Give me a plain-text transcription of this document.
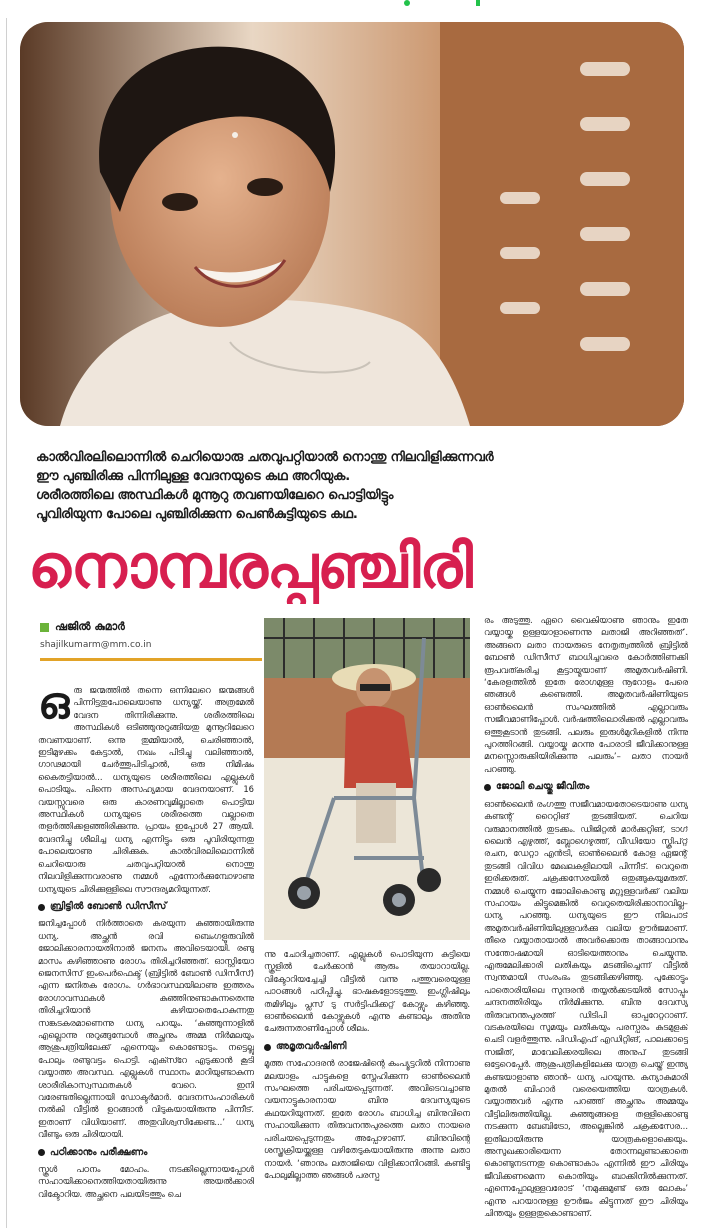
കാൽവിരലിലൊന്നിൽ ചെറിയൊരു ചതവുപറ്റിയാൽ നൊന്തു നിലവിളിക്കുന്നവർ

ഈ പുഞ്ചിരിക്കു പിന്നിലുള്ള വേദനയുടെ കഥ അറിയുക.

ശരീരത്തിലെ അസ്ഥികൾ മുന്നൂറു തവണയിലേറെ പൊട്ടിയിട്ടും

പൂവിരിയുന്ന പോലെ പുഞ്ചിരിക്കുന്ന പെൺകുട്ടിയുടെ കഥ.

നൊമ്പരപ്പുഞ്ചിരി
ഷജിൽ കുമാർ
shajilkumarm@mm.co.in

ഒരു ജന്മത്തിൽ തന്നെ ഒന്നിലേറെ ജന്മങ്ങൾ പിന്നിട്ടതുപോലെയാണു ധന്യയ്ക്ക്. അത്രമേൽ വേദന തിന്നിരിക്കുന്നു. ശരീരത്തിലെ അസ്ഥികൾ ഒടിഞ്ഞുനുറുങ്ങിയതു മുന്നൂറിലേറെ തവണയാണ്. ഒന്നു തുമ്മിയാൽ, ചെരിഞ്ഞാൽ, ഇടിമുഴക്കം കേട്ടാൽ, നഖം പിടിച്ചു വലിഞ്ഞാൽ, ഗാഢമായി ചേർത്തുപിടിച്ചാൽ, ഒരു നിമിഷം കൈതട്ടിയാൽ... ധന്യയുടെ ശരീരത്തിലെ എല്ലുകൾ പൊടിയും. പിന്നെ അസഹ്യമായ വേദനയാണ്. 16 വയസ്സുവരെ ഒരു കാരണവുമില്ലാതെ പൊട്ടിയ അസ്ഥികൾ ധന്യയുടെ ശരീരത്തെ വല്ലാതെ തളർത്തിക്കളഞ്ഞിരിക്കുന്നു. പ്രായം ഇപ്പോൾ 27 ആയി. വേദനിച്ചു ശീലിച്ച ധന്യ എന്നിട്ടും ഒരു പൂവിരിയുന്നതു പോലെയാണു ചിരിക്കുക. കാൽവിരലിലൊന്നിൽ ചെറിയൊരു ചതവുപറ്റിയാൽ നൊന്തു നിലവിളിക്കുന്നവരാണു നമ്മൾ എന്നോർക്കുമ്പോഴാണു ധന്യയുടെ ചിരിക്കുള്ളിലെ സൗന്ദര്യമറിയുന്നത്.

ബ്രിട്ടിൽ ബോൺ ഡിസീസ്

ജനിച്ചപ്പോൾ നിർത്താതെ കരയുന്ന കുഞ്ഞായിരുന്നു ധന്യ. അച്ഛൻ രവി ബെംഗളൂരുവിൽ ജോലിക്കാരനായതിനാൽ ജനനം അവിടെയായി. രണ്ടു മാസം കഴിഞ്ഞാണു രോഗം തിരിച്ചറിഞ്ഞത്. ഓസ്റ്റിയോ ജെനസിസ് ഇംപെർഫെക്ട് (ബ്രിട്ടിൽ ബോൺ ഡിസീസ്) എന്ന ജനിതക രോഗം. ഗർഭാവസ്ഥയിലാണു ഇത്തരം രോഗാവസ്ഥകൾ കുഞ്ഞിനുണ്ടാകുന്നതെന്നു തിരിച്ചറിയാൻ കഴിയാതെപോകുന്നതു സങ്കടകരമാണെന്നു ധന്യ പറയും. ‘കുഞ്ഞുന്നാളിൽ എല്ലൊന്നു നുറുങ്ങുമ്പോൾ അച്ഛനും അമ്മ നിർമലയും ആശുപത്രിയിലേക്ക് എന്നെയും കൊണ്ടോടും. നട്ടെല്ലു പോലും രണ്ടുവട്ടം പൊട്ടി. എക്സ്റേ എടുക്കാൻ കൂടി വയ്യാത്ത അവസ്ഥ. എല്ലുകൾ സ്ഥാനം മാറിയുണ്ടാകുന്ന ശാരീരികാസ്വസ്ഥതകൾ വേറെ. ഇനി വരേണ്ടതില്ലെന്നായി ഡോക്ടർമാർ. വേദനസംഹാരികൾ നൽകി വീട്ടിൽ ഉറങ്ങാൻ വിടുകയായിരുന്നു പിന്നീട്. ഇതാണ് വിധിയാണ്. അതുവിശ്വസിക്കേണ്ട...’ ധന്യ വീണ്ടും ഒരു ചിരിയായി.

പഠിക്കാനും പരീക്ഷണം

സ്കൂൾ പഠനം മോഹം. നടക്കില്ലെന്നായപ്പോൾ സഹായിക്കാനെത്തിയതായിരുന്നു അയൽക്കാരി വിക്ടോറിയ. അച്ഛനെ പലയിടത്തും ചെ

ന്നു ചോദിച്ചതാണ്. എല്ലുകൾ പൊടിയുന്ന കുട്ടിയെ സ്കൂളിൽ ചേർക്കാൻ ആരും തയാറായില്ല. വിക്ടോറിയച്ചേച്ചി വീട്ടിൽ വന്നു പത്തുവരെയുള്ള പാഠങ്ങൾ പഠിപ്പിച്ചു. ഭാഷകളോടടുത്തു. ഇംഗ്ലിഷിലും തമിഴിലും പ്ലസ് ടു സർട്ടിഫിക്കറ്റ് കോഴ്സും കഴിഞ്ഞു. ഓൺലൈൻ കോഴ്സുകൾ എന്നു കണ്ടാലും അതിനു ചേരുന്നതാണിപ്പോൾ ശീലം.

അമൃതവർഷിണി

മൂത്ത സഹോദരൻ രാജേഷിന്റെ കംപ്യൂട്ടറിൽ നിന്നാണു മലയാളം പാട്ടുകളെ സ്നേഹിക്കുന്ന ഓൺലൈൻ സംഘത്തെ പരിചയപ്പെടുന്നത്. അവിടെവച്ചാണു വയനാട്ടുകാരനായ ബിനു ദേവസ്യയുടെ കഥയറിയുന്നത്. ഇതേ രോഗം ബാധിച്ച ബിനുവിനെ സഹായിക്കുന്ന തിരുവനന്തപുരത്തെ ലതാ നായരെ പരിചയപ്പെടുന്നതും അപ്പോഴാണ്. ബിനുവിന്റെ ശസ്ത്രക്രിയയ്ക്കുള്ള വഴിതേടുകയായിരുന്നു അന്നു ലതാ നായർ. ‘ഞാനും ലതാജിയെ വിളിക്കാനിറങ്ങി. കണ്ടിട്ടു പോലുമില്ലാത്ത ഞങ്ങൾ പരസ്പ

രം അടുത്തു. ഏറെ വൈകിയാണു ഞാനും ഇതേ വയ്യായ്ക ഉള്ളയാളാണെന്നു ലതാജി അറിഞ്ഞത്’. അങ്ങനെ ലതാ നായരുടെ നേതൃത്വത്തിൽ ബ്രിട്ടിൽ ബോൺ ഡിസീസ് ബാധിച്ചവരെ കോർത്തിണക്കി രൂപവത്കരിച്ച കൂട്ടായ്മയാണ് അമൃതവർഷിണി. ‘കേരളത്തിൽ ഇതേ രോഗമുള്ള നൂറോളം പേരെ ഞങ്ങൾ കണ്ടെത്തി. അമൃതവർഷിണിയുടെ ഓൺലൈൻ സംഘത്തിൽ എല്ലാവരും സജീവമാണിപ്പോൾ. വർഷത്തിലൊരിക്കൽ എല്ലാവരും ഒത്തുകൂടാൻ തുടങ്ങി. പലരും ഇരുൾമുറികളിൽ നിന്നു പുറത്തിറങ്ങി. വയ്യായ്ക മറന്നു പോരാടി ജീവിക്കാനുള്ള മനസ്സൊരുക്കിയിരിക്കുന്നു പലരും’– ലതാ നായർ പറഞ്ഞു.

ജോലി ചെയ്തു ജീവിതം

ഓൺലൈൻ രംഗത്തു സജീവമായതോടെയാണു ധന്യ കണ്ടന്റ് റൈറ്റിങ് തുടങ്ങിയത്. ചെറിയ വരുമാനത്തിൽ തുടക്കം. ഡിജിറ്റൽ മാർക്കറ്റിങ്, ടാഗ് ലൈൻ എഴുത്ത്, ബ്ലോഗെഴുത്ത്, വീഡിയോ സ്ക്രിപ്റ്റ് രചന, ഡേറ്റാ എൻട്രി, ഓൺലൈൻ കോള ഏജന്റ് തുടങ്ങി വിവിധ മേഖലകളിലായി പിന്നീട്. വെറുതെ ഇരിക്കരുത്. ചക്രക്കസേരയിൽ ഒതുങ്ങുകയുമരുത്. നമ്മൾ ചെയ്യുന്ന ജോലികൊണ്ടു മറ്റുള്ളവർക്ക് വലിയ സഹായം കിട്ടുമെങ്കിൽ വെറുതെയിരിക്കാനാവില്ല– ധന്യ പറഞ്ഞു. ധന്യയുടെ ഈ നിലപാട് അമൃതവർഷിണിയിലുള്ളവർക്കു വലിയ ഊർജമാണ്. തീരെ വയ്യാതായാൽ അവർക്കൊരു താങ്ങാവാനും സന്തോഷമായി ഓടിയെത്താനും ചെയ്യുന്നു. എരുമേലിക്കാരി ലതികയും മടങ്ങിച്ചെന്ന് വീട്ടിൽ സ്വന്തമായി സംരംഭം തുടങ്ങിക്കഴിഞ്ഞു. പുക്കോട്ടും പാതൊരിയിലെ സുന്ദരൻ തയ്യൽക്കടയിൽ സോപ്പും ചന്ദനത്തിരിയും നിർമിക്കുന്നു. ബിനു ദേവസ്യ തിരുവനന്തപുരത്ത് ഡിടിപി ഓപ്പറേറ്ററാണ്. വടകരയിലെ സുമയും ലതികയും പരസ്പരം കുടമുളക് ചെടി വളർത്തുന്നു. പിഡിഎഫ് എഡിറ്റിങ്, പാലക്കാട്ടെ സജിത്, മാവേലിക്കരയിലെ അനുപ് തുടങ്ങി ഒട്ടേറെപ്പേർ. ആശുപത്രികളിലേക്കു യാത്ര ചെയ്ത് ഇന്ത്യ കണ്ടയാളാണു ഞാൻ– ധന്യ പറയുന്നു. കന്യാകുമാരി മുതൽ ബിഹാർ വരെയെത്തിയ യാത്രകൾ. വയ്യാത്തവർ എന്നു പറഞ്ഞ് അച്ഛനും അമ്മയും വീട്ടിലിരുത്തിയില്ല. കുഞ്ഞുങ്ങളെ തള്ളിക്കൊണ്ടു നടക്കുന്ന ബേബിട്രോ, അല്ലെങ്കിൽ ചക്രക്കസേര... ഇതിലായിരുന്നു യാത്രകളൊക്കെയും. അസുഖക്കാരിയെന്ന തോന്നലുണ്ടാക്കാതെ കൊണ്ടുനടന്നതു കൊണ്ടാകാം എന്നിൽ ഈ ചിരിയും ജീവിക്കണമെന്ന കൊതിയും ബാക്കിനിൽക്കുന്നത്. എന്നെപ്പോലുള്ളവരോട് ‘നമുക്കുമുണ്ട് ഒരു ലോകം’ എന്നു പറയാനുള്ള ഊർജം കിട്ടുന്നത് ഈ ചിരിയും ചിന്തയും ഉള്ളതുകൊണ്ടാണ്.
